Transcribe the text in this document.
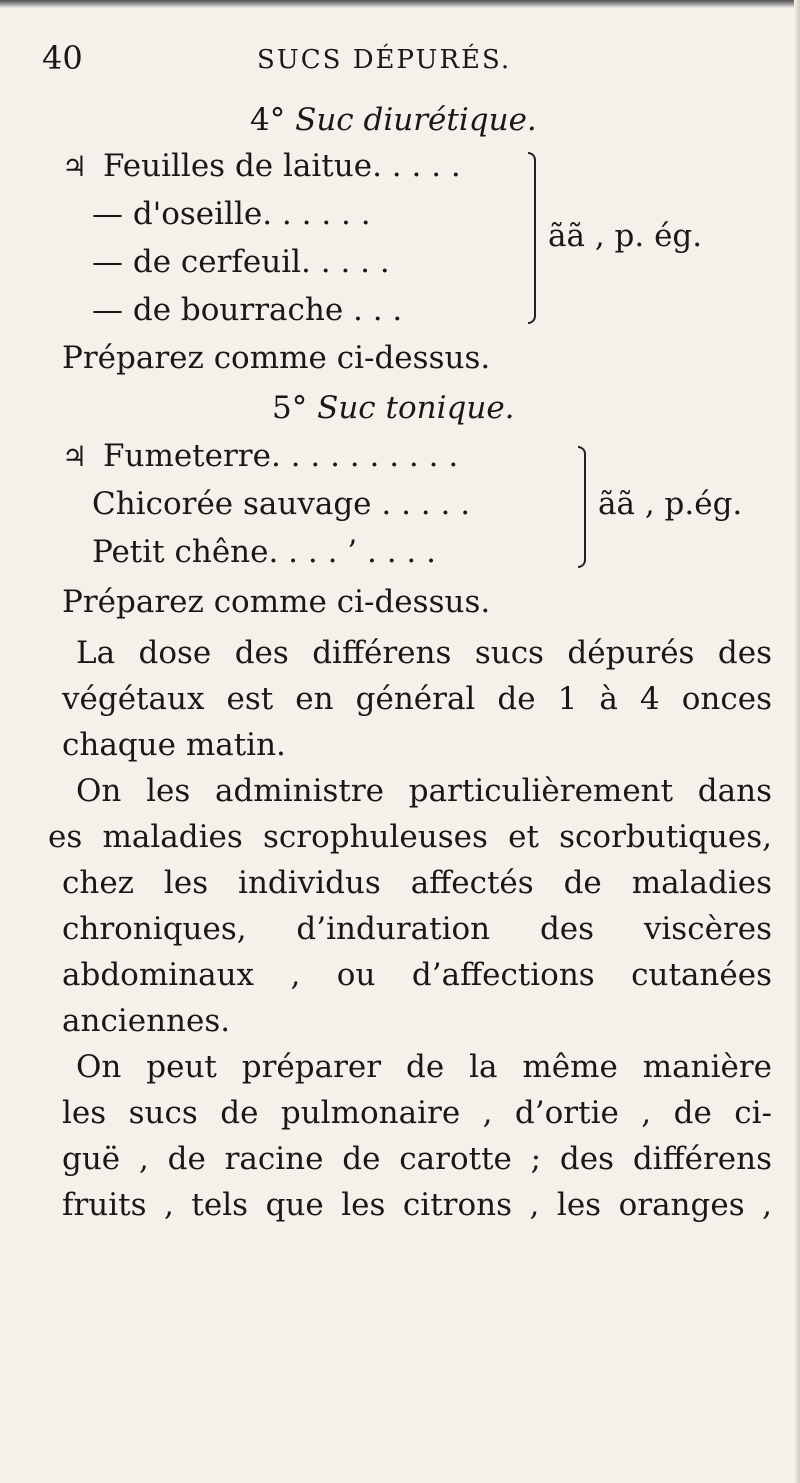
40	SUCS DÉPURÉS.
4° Suc diurétique.
♃ Feuilles de laitue. . . . .
— d'oseille. . . . . .
— de cerfeuil. . . . .
— de bourrache . . .
ãã , p. ég.
Préparez comme ci-dessus.
5° Suc tonique.
♃ Fumeterre. . . . . . . . . .
Chicorée sauvage . . . . .
Petit chêne. . . . ’ . . . .
ãã , p.ég.
Préparez comme ci-dessus.
La dose des différens sucs dépurés des
végétaux est en général de 1 à 4 onces
chaque matin.
On les administre particulièrement dans
es maladies scrophuleuses et scorbutiques,
chez les individus affectés de maladies
chroniques, d’induration des viscères
abdominaux , ou d’affections cutanées
anciennes.
On peut préparer de la même manière
les sucs de pulmonaire , d’ortie , de ci-
guë , de racine de carotte ; des différens
fruits , tels que les citrons , les oranges ,
